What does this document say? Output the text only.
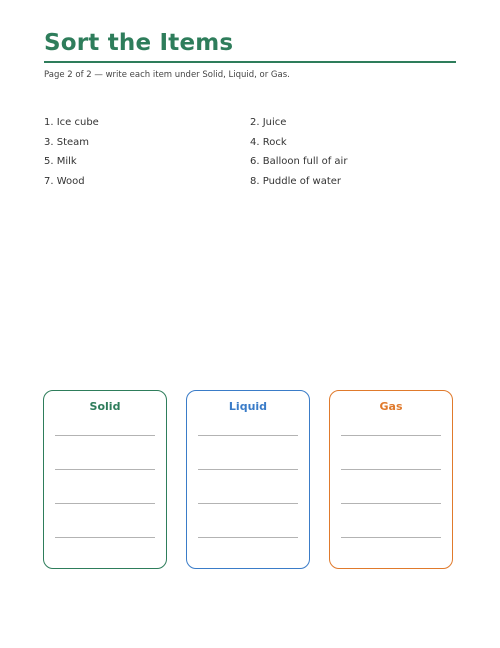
Sort the Items
Page 2 of 2 — write each item under Solid, Liquid, or Gas.
1. Ice cube	2. Juice
3. Steam	4. Rock
5. Milk	6. Balloon full of air
7. Wood	8. Puddle of water
Solid	Liquid	Gas
